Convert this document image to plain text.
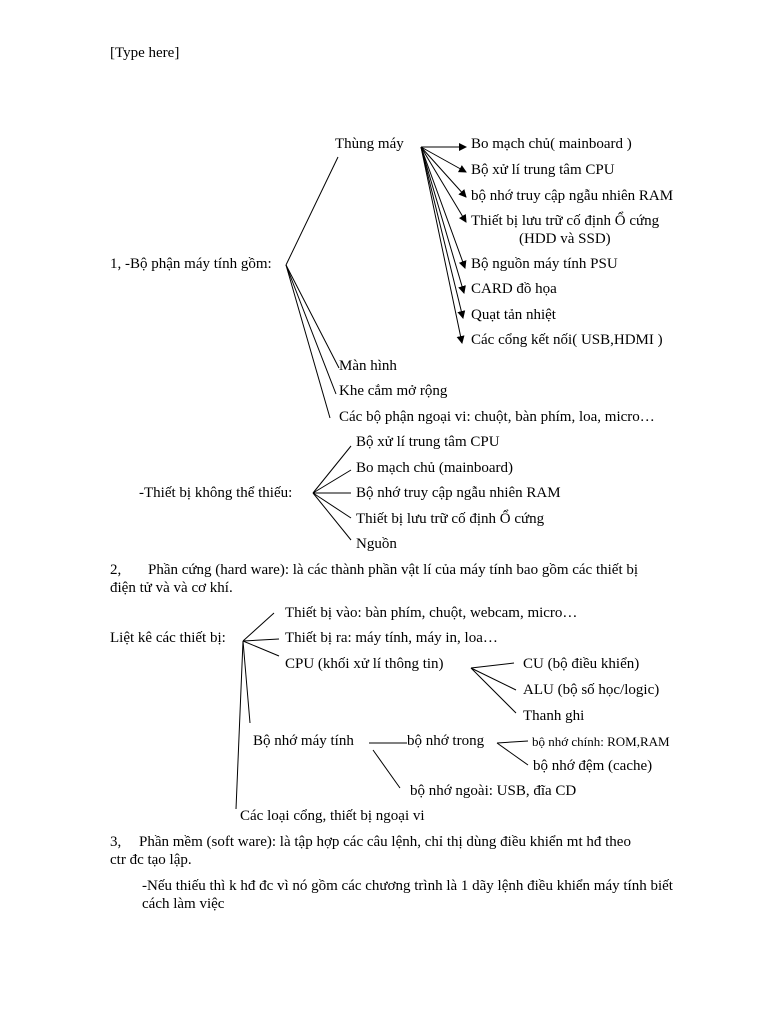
[Type here]
Thùng máy	Bo mạch chủ( mainboard )
Bộ xử lí trung tâm CPU
bộ nhớ truy cập ngẫu nhiên RAM
Thiết bị lưu trữ cố định Ổ cứng
(HDD và SSD)
1, -Bộ phận máy tính gồm:	Bộ nguồn máy tính PSU
CARD đồ họa
Quạt tản nhiệt
Các cổng kết nối( USB,HDMI )
Màn hình
Khe cắm mở rộng
Các bộ phận ngoại vi: chuột, bàn phím, loa, micro…
Bộ xử lí trung tâm CPU
Bo mạch chủ (mainboard)
-Thiết bị không thể thiếu:	Bộ nhớ truy cập ngẫu nhiên RAM
Thiết bị lưu trữ cố định Ổ cứng
Nguồn
2, Phần cứng (hard ware): là các thành phần vật lí của máy tính bao gồm các thiết bị
điện tử và và cơ khí.
Thiết bị vào: bàn phím, chuột, webcam, micro…
Liệt kê các thiết bị:	Thiết bị ra: máy tính, máy in, loa…
CPU (khối xử lí thông tin)	CU (bộ điều khiển)
ALU (bộ số học/logic)
Thanh ghi
Bộ nhớ máy tính	bộ nhớ trong	bộ nhớ chính: ROM,RAM
bộ nhớ đệm (cache)
bộ nhớ ngoài: USB, đĩa CD
Các loại cổng, thiết bị ngoại vi
3, Phần mềm (soft ware): là tập hợp các câu lệnh, chỉ thị dùng điều khiển mt hđ theo
ctr đc tạo lập.
-Nếu thiếu thì k hđ đc vì nó gồm các chương trình là 1 dãy lệnh điều khiển máy tính biết cách làm việc
